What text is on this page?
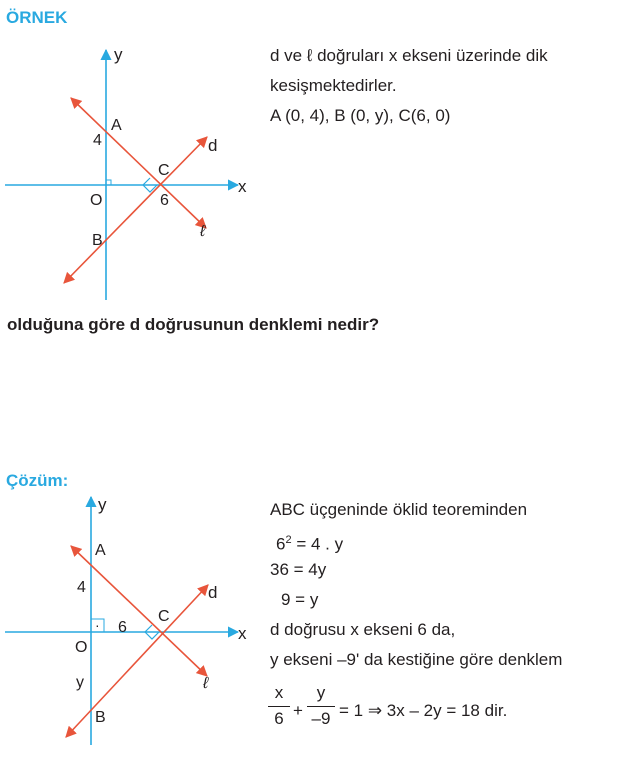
ÖRNEK
y
x
A
4
C
d
O	6
B
ℓ
·
y
x
A
4	d
C
6
O
y	ℓ
B
d ve ℓ doğruları x ekseni üzerinde dik
kesişmektedirler.
A (0, 4), B (0, y), C(6, 0)
olduğuna göre d doğrusunun denklemi nedir?
Çözüm:
ABC üçgeninde öklid teoreminden
$6^2 = 4$ . y
36 = 4y
9 = y
d doğrusu x ekseni 6 da,
y ekseni –9' da kestiğine göre denklem
x
6 +
y
–9 = 1 ⇒ 3x – 2y = 18 dir.
